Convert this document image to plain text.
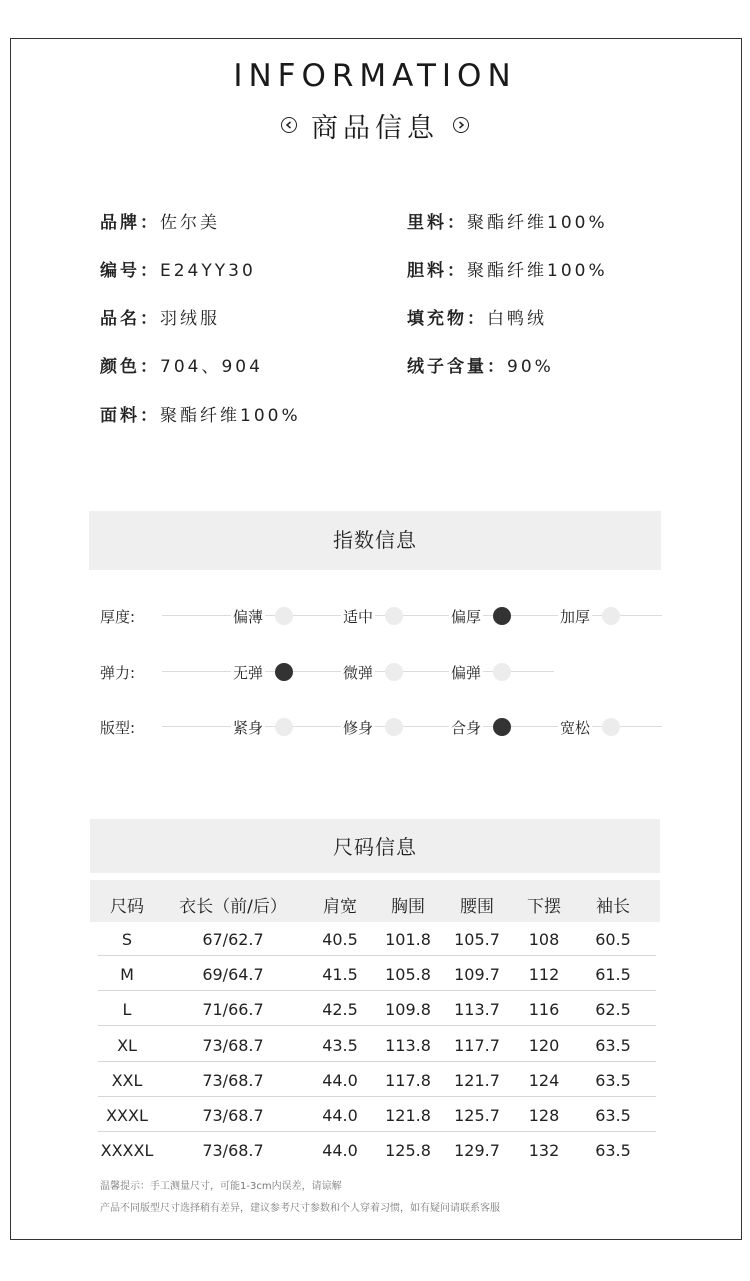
INFORMATION
商品信息
品牌：佐尔美
编号：E24YY30
品名：羽绒服
颜色：704、904
面料：聚酯纤维100%
里料：聚酯纤维100%
胆料：聚酯纤维100%
填充物：白鸭绒
绒子含量：90%
指数信息
厚度:	偏薄	适中	偏厚	加厚
弹力:	无弹	微弹	偏弹
版型:	紧身	修身	合身	宽松
尺码信息
尺码	衣长（前/后）	肩宽	胸围	腰围	下摆	袖长
S	67/62.7	40.5	101.8	105.7	108	60.5
M	69/64.7	41.5	105.8	109.7	112	61.5
L	71/66.7	42.5	109.8	113.7	116	62.5
XL	73/68.7	43.5	113.8	117.7	120	63.5
XXL	73/68.7	44.0	117.8	121.7	124	63.5
XXXL	73/68.7	44.0	121.8	125.7	128	63.5
XXXXL	73/68.7	44.0	125.8	129.7	132	63.5
温馨提示：手工测量尺寸，可能1-3cm内误差，请谅解
产品不同版型尺寸选择稍有差异，建议参考尺寸参数和个人穿着习惯，如有疑问请联系客服
